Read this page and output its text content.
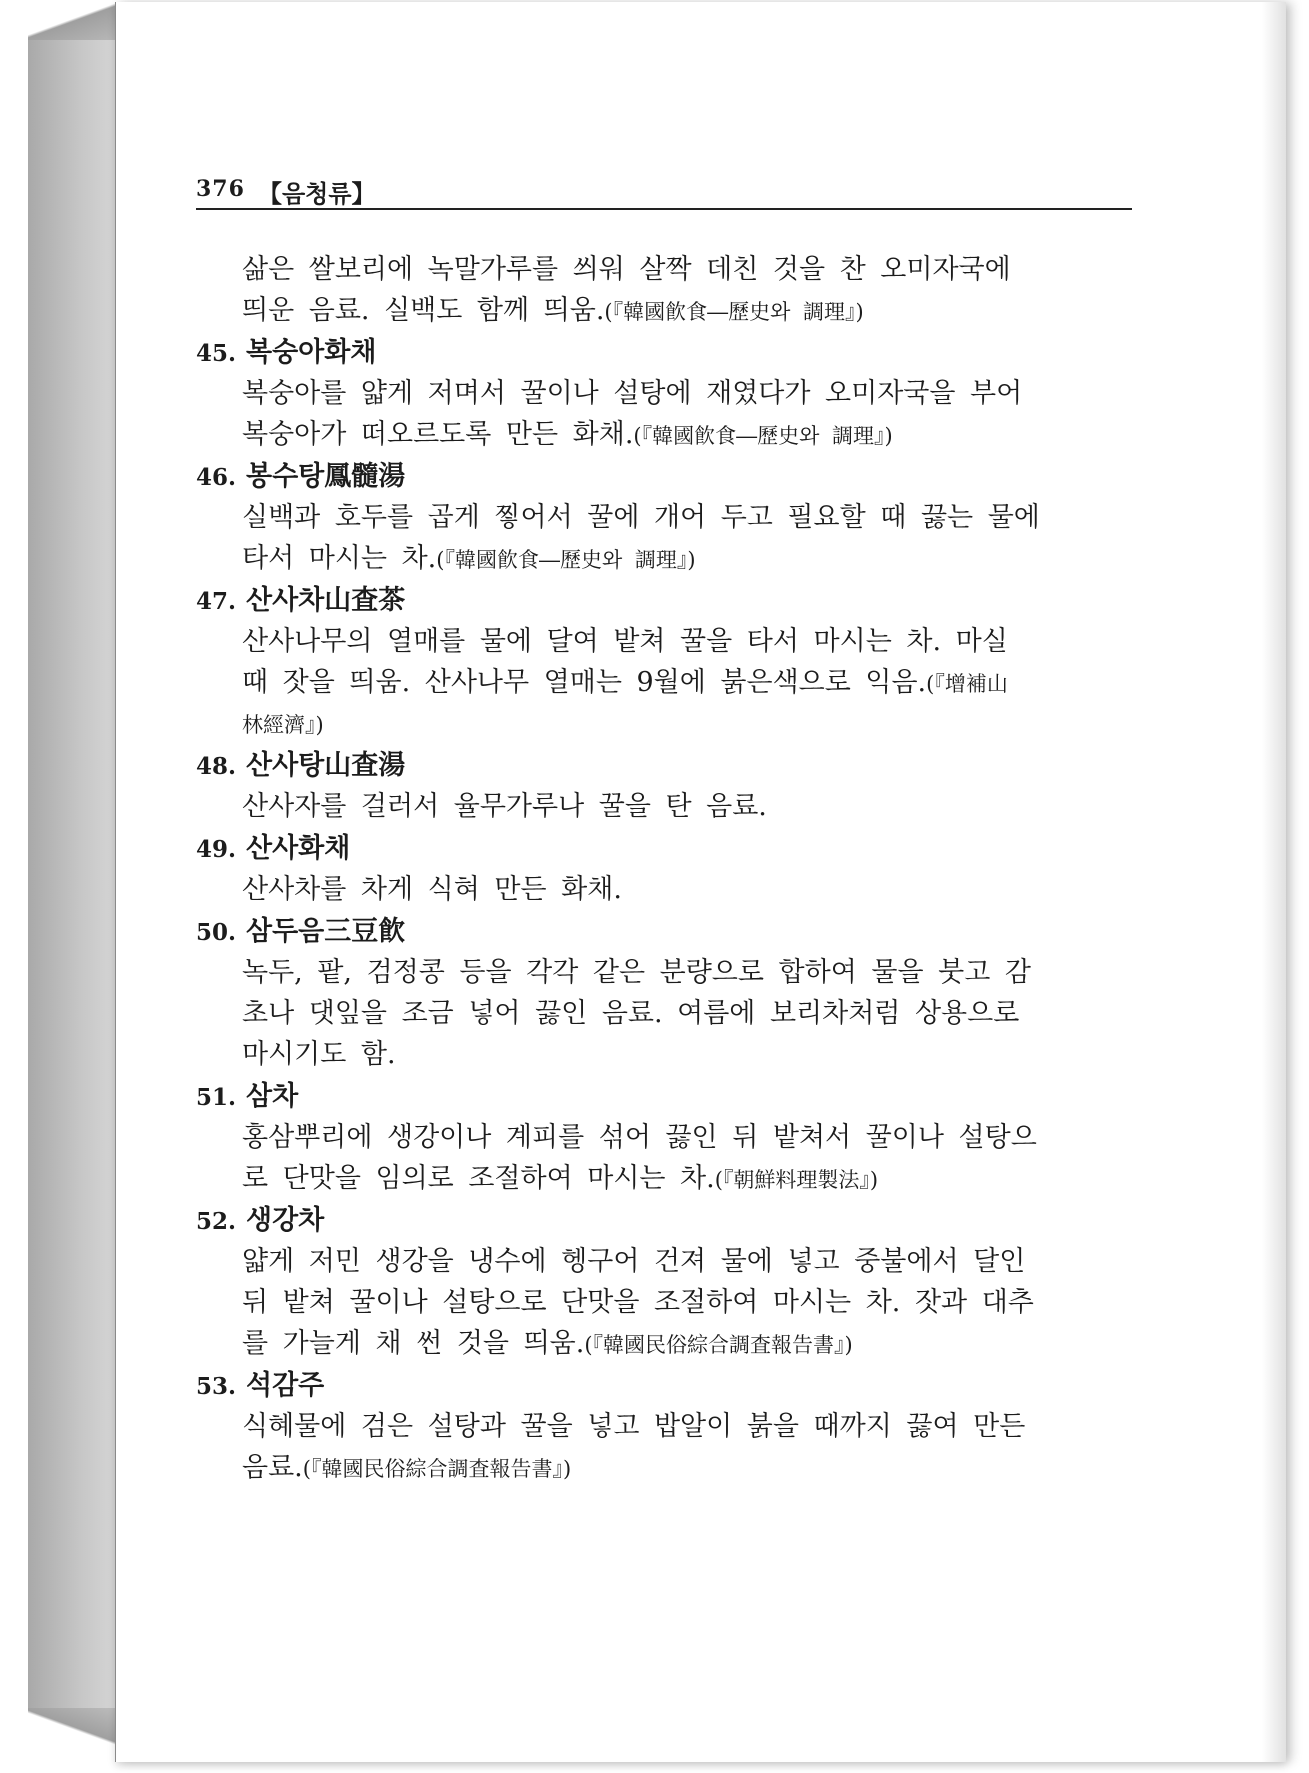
376 【음청류】
삶은 쌀보리에 녹말가루를 씌워 살짝 데친 것을 찬 오미자국에
띄운 음료. 실백도 함께 띄움.(『韓國飮食―歷史와 調理』)
45. 복숭아화채
복숭아를 얇게 저며서 꿀이나 설탕에 재였다가 오미자국을 부어
복숭아가 떠오르도록 만든 화채.(『韓國飮食―歷史와 調理』)
46. 봉수탕鳳髓湯
실백과 호두를 곱게 찧어서 꿀에 개어 두고 필요할 때 끓는 물에
타서 마시는 차.(『韓國飮食―歷史와 調理』)
47. 산사차山査茶
산사나무의 열매를 물에 달여 밭쳐 꿀을 타서 마시는 차. 마실
때 잣을 띄움. 산사나무 열매는 9월에 붉은색으로 익음.(『增補山
林經濟』)
48. 산사탕山査湯
산사자를 걸러서 율무가루나 꿀을 탄 음료.
49. 산사화채
산사차를 차게 식혀 만든 화채.
50. 삼두음三豆飮
녹두, 팥, 검정콩 등을 각각 같은 분량으로 합하여 물을 붓고 감
초나 댓잎을 조금 넣어 끓인 음료. 여름에 보리차처럼 상용으로
마시기도 함.
51. 삼차
홍삼뿌리에 생강이나 계피를 섞어 끓인 뒤 밭쳐서 꿀이나 설탕으
로 단맛을 임의로 조절하여 마시는 차.(『朝鮮料理製法』)
52. 생강차
얇게 저민 생강을 냉수에 헹구어 건져 물에 넣고 중불에서 달인
뒤 밭쳐 꿀이나 설탕으로 단맛을 조절하여 마시는 차. 잣과 대추
를 가늘게 채 썬 것을 띄움.(『韓國民俗綜合調査報告書』)
53. 석감주
식혜물에 검은 설탕과 꿀을 넣고 밥알이 붉을 때까지 끓여 만든
음료.(『韓國民俗綜合調査報告書』)
